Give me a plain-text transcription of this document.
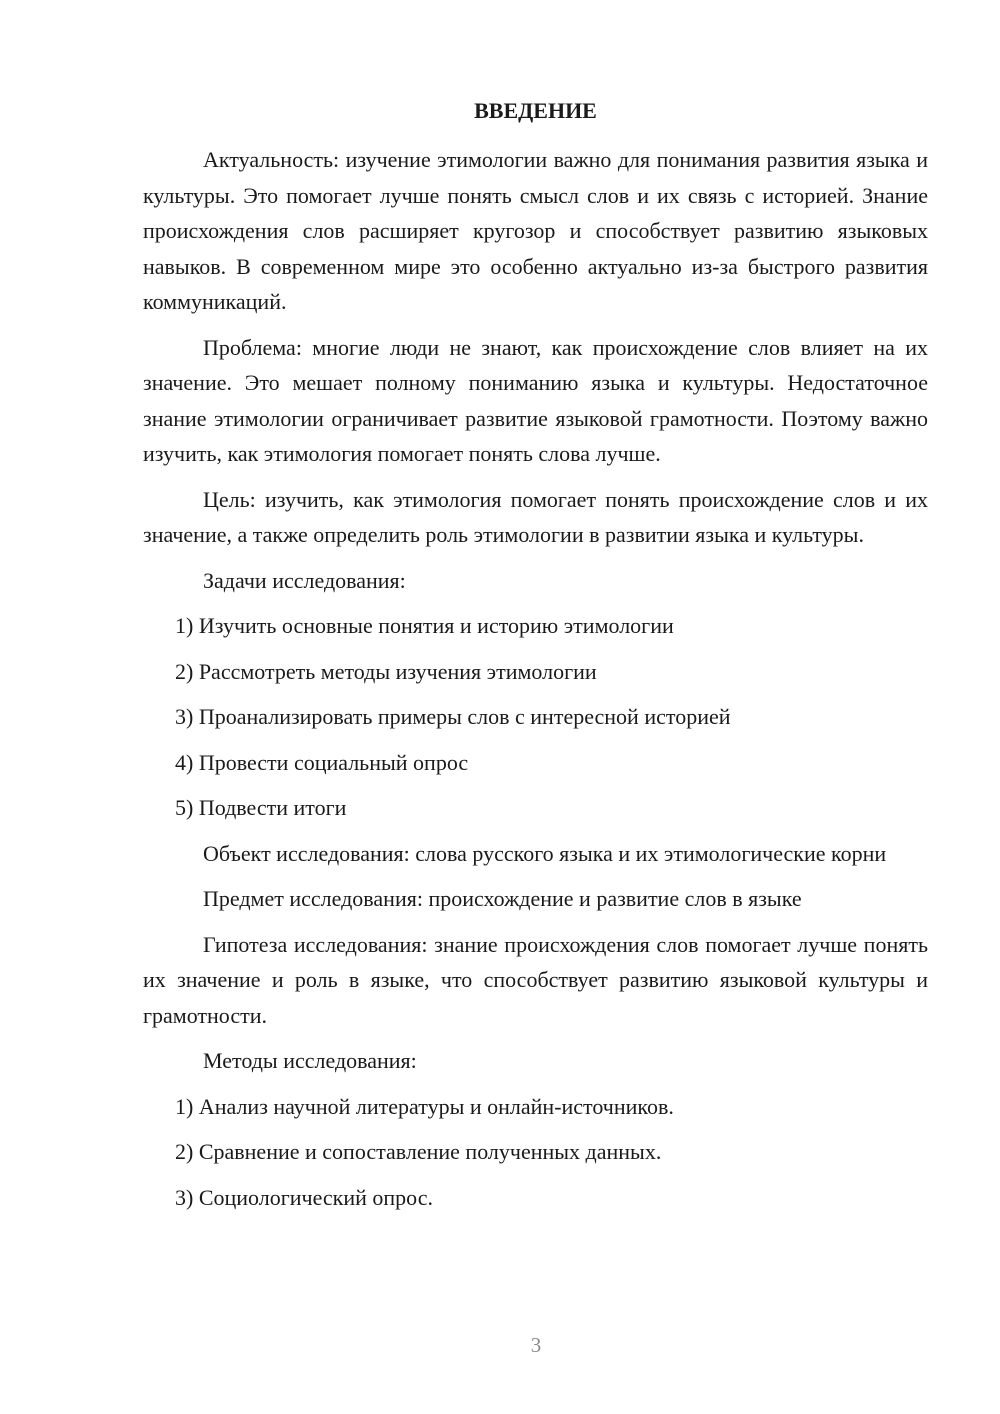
ВВЕДЕНИЕ

Актуальность: изучение этимологии важно для понимания развития языка и культуры. Это помогает лучше понять смысл слов и их связь с историей. Знание происхождения слов расширяет кругозор и способствует развитию языковых навыков. В современном мире это особенно актуально из-за быстрого развития коммуникаций.

Проблема: многие люди не знают, как происхождение слов влияет на их значение. Это мешает полному пониманию языка и культуры. Недостаточное знание этимологии ограничивает развитие языковой грамотности. Поэтому важно изучить, как этимология помогает понять слова лучше.

Цель: изучить, как этимология помогает понять происхождение слов и их значение, а также определить роль этимологии в развитии языка и культуры.

Задачи исследования:

1) Изучить основные понятия и историю этимологии

2) Рассмотреть методы изучения этимологии

3) Проанализировать примеры слов с интересной историей

4) Провести социальный опрос

5) Подвести итоги

Объект исследования: слова русского языка и их этимологические корни

Предмет исследования: происхождение и развитие слов в языке

Гипотеза исследования: знание происхождения слов помогает лучше понять их значение и роль в языке, что способствует развитию языковой культуры и грамотности.

Методы исследования:

1) Анализ научной литературы и онлайн-источников.

2) Сравнение и сопоставление полученных данных.

3) Социологический опрос.

3
